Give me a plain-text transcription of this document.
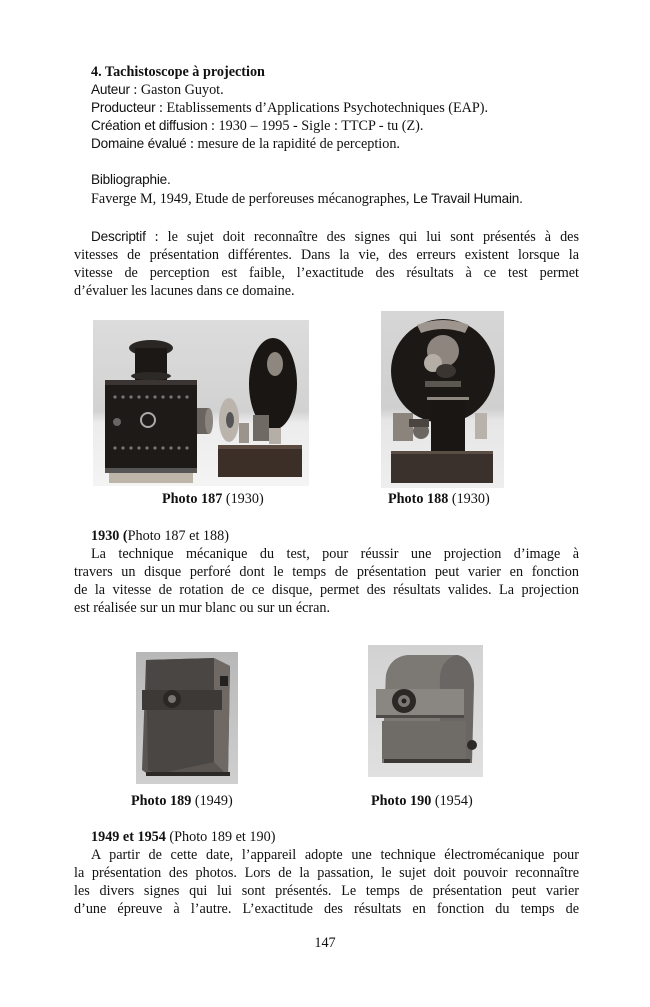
4. Tachistoscope à projection
Auteur : Gaston Guyot.
Producteur : Etablissements d’Applications Psychotechniques (EAP).
Création et diffusion : 1930 – 1995 - Sigle : TTCP - tu (Z).
Domaine évalué : mesure de la rapidité de perception.
Bibliographie.
Faverge M, 1949, Etude de perforeuses mécanographes, Le Travail Humain.
Descriptif : le sujet doit reconnaître des signes qui lui sont présentés à des
vitesses de présentation différentes. Dans la vie, des erreurs existent lorsque la
vitesse de perception est faible, l’exactitude des résultats à ce test permet
d’évaluer les lacunes dans ce domaine.
Photo 187 (1930)	Photo 188 (1930)
1930 (Photo 187 et 188)
La technique mécanique du test, pour réussir une projection d’image à
travers un disque perforé dont le temps de présentation peut varier en fonction
de la vitesse de rotation de ce disque, permet des résultats valides. La projection
est réalisée sur un mur blanc ou sur un écran.
Photo 189 (1949)	Photo 190 (1954)
1949 et 1954 (Photo 189 et 190)
A partir de cette date, l’appareil adopte une technique électromécanique pour
la présentation des photos. Lors de la passation, le sujet doit pouvoir reconnaître
les divers signes qui lui sont présentés. Le temps de présentation peut varier
d’une épreuve à l’autre. L’exactitude des résultats en fonction du temps de
147
